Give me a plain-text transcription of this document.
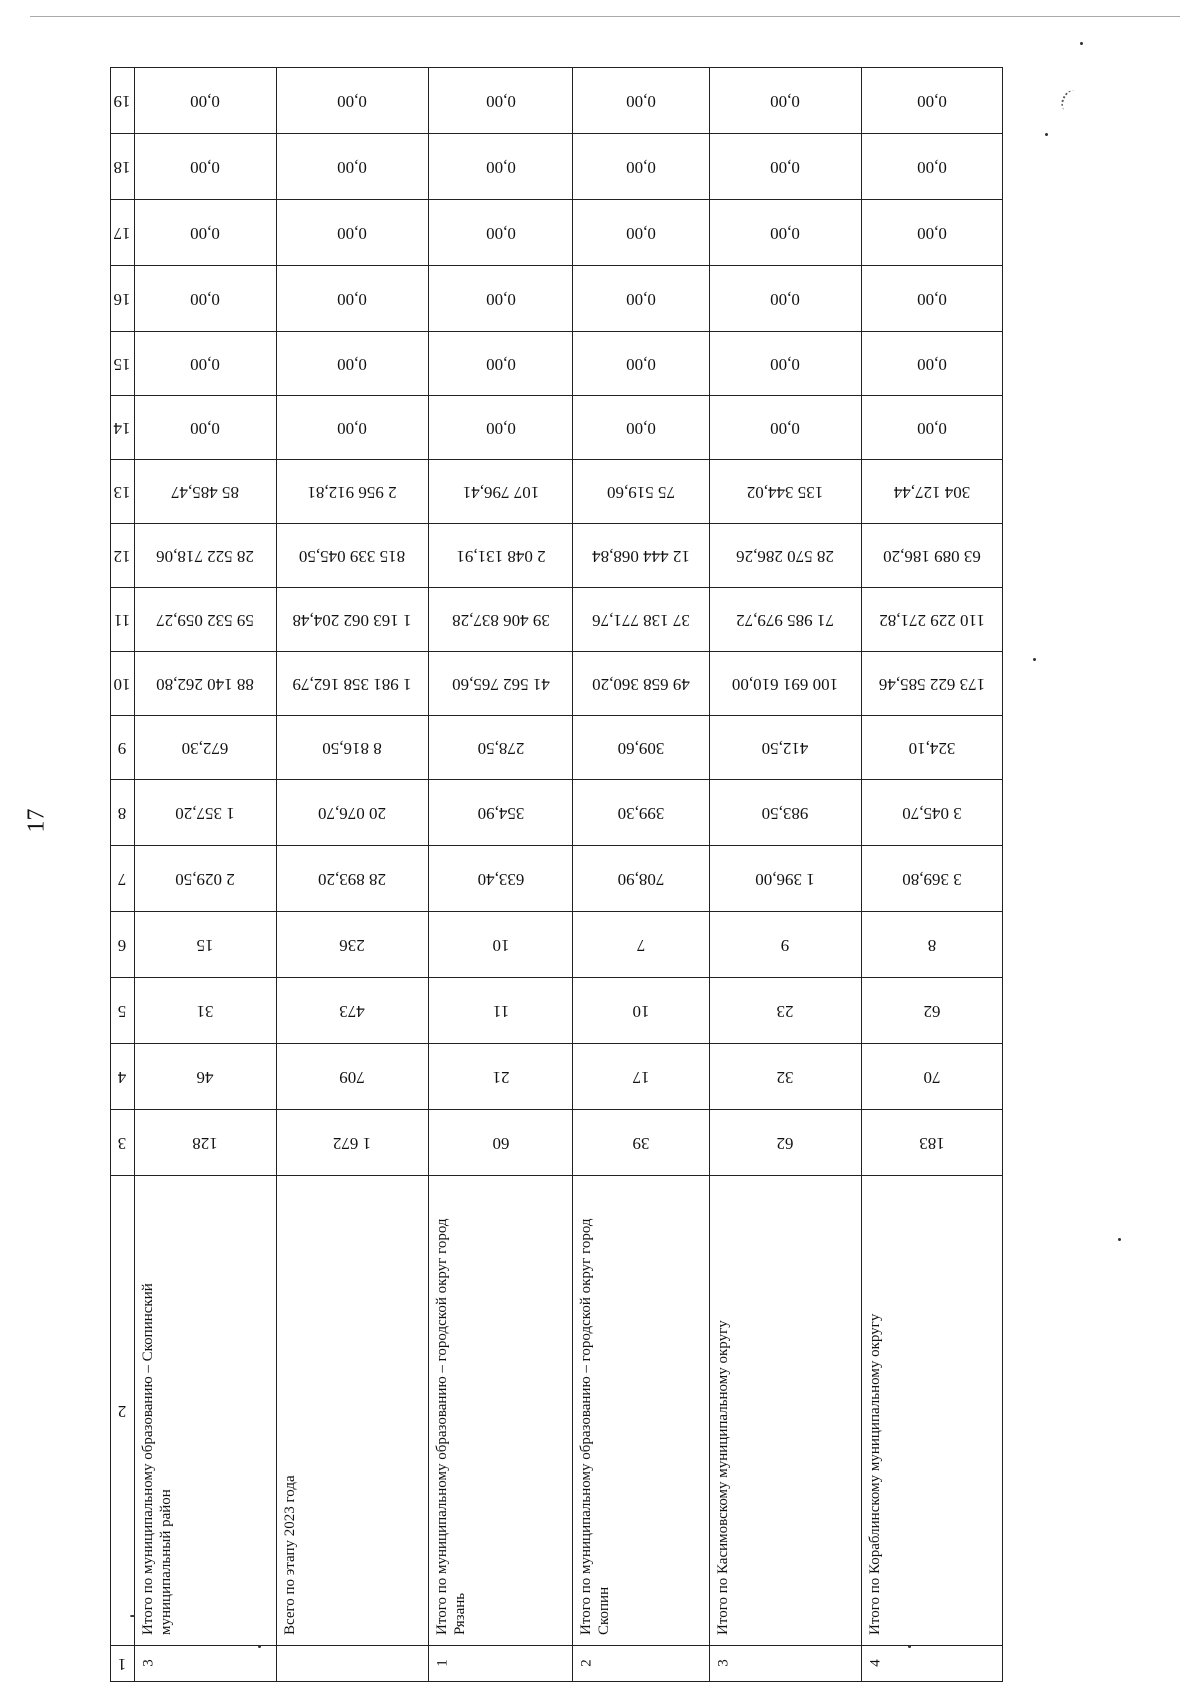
17
19	0,00	0,00	0,00	0,00	0,00	0,00

18	0,00	0,00	0,00	0,00	0,00	0,00

17	0,00	0,00	0,00	0,00	0,00	0,00

16	0,00	0,00	0,00	0,00	0,00	0,00

15	0,00	0,00	0,00	0,00	0,00	0,00

14	0,00	0,00	0,00	0,00	0,00	0,00

13	85 485,47	2 956 912,81	107 796,41	75 519,60	135 344,02	304 127,44

12	28 522 718,06	815 339 045,50	2 048 131,91	12 444 068,84	28 570 286,26	63 089 186,20

11	59 532 059,27	1 163 062 204,48	39 406 837,28	37 138 771,76	71 985 979,72	110 229 271,82

10	88 140 262,80	1 981 358 162,79	41 562 765,60	49 658 360,20	100 691 610,00	173 622 585,46

9	672,30	8 816,50	278,50	309,60	412,50	324,10

8	1 357,20	20 076,70	354,90	399,30	983,50	3 045,70

7	2 029,50	28 893,20	633,40	708,90	1 396,00	3 369,80

6	15	236	10	7	9	8

5	31	473	11	10	23	62

4	46	709	21	17	32	70

3	128	1 672	60	39	62	183

2	Итого по муниципальному образованию – Скопинский муниципальный район	Всего по этапу 2023 года	Итого по муниципальному образованию – городской округ город Рязань	Итого по муниципальному образованию – городской округ город Скопин	Итого по Касимовскому муниципальному округу	Итого по Кораблинскому муниципальному округу

1	3		1	2	3	4
